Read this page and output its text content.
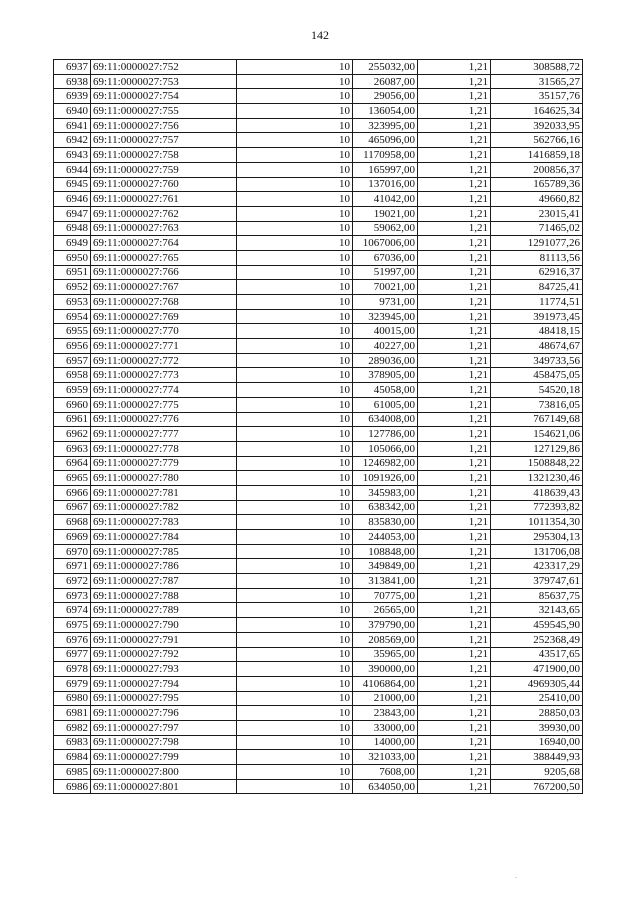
142
6937	69:11:0000027:752	10	255032,00	1,21	308588,72
6938	69:11:0000027:753	10	26087,00	1,21	31565,27
6939	69:11:0000027:754	10	29056,00	1,21	35157,76
6940	69:11:0000027:755	10	136054,00	1,21	164625,34
6941	69:11:0000027:756	10	323995,00	1,21	392033,95
6942	69:11:0000027:757	10	465096,00	1,21	562766,16
6943	69:11:0000027:758	10	1170958,00	1,21	1416859,18
6944	69:11:0000027:759	10	165997,00	1,21	200856,37
6945	69:11:0000027:760	10	137016,00	1,21	165789,36
6946	69:11:0000027:761	10	41042,00	1,21	49660,82
6947	69:11:0000027:762	10	19021,00	1,21	23015,41
6948	69:11:0000027:763	10	59062,00	1,21	71465,02
6949	69:11:0000027:764	10	1067006,00	1,21	1291077,26
6950	69:11:0000027:765	10	67036,00	1,21	81113,56
6951	69:11:0000027:766	10	51997,00	1,21	62916,37
6952	69:11:0000027:767	10	70021,00	1,21	84725,41
6953	69:11:0000027:768	10	9731,00	1,21	11774,51
6954	69:11:0000027:769	10	323945,00	1,21	391973,45
6955	69:11:0000027:770	10	40015,00	1,21	48418,15
6956	69:11:0000027:771	10	40227,00	1,21	48674,67
6957	69:11:0000027:772	10	289036,00	1,21	349733,56
6958	69:11:0000027:773	10	378905,00	1,21	458475,05
6959	69:11:0000027:774	10	45058,00	1,21	54520,18
6960	69:11:0000027:775	10	61005,00	1,21	73816,05
6961	69:11:0000027:776	10	634008,00	1,21	767149,68
6962	69:11:0000027:777	10	127786,00	1,21	154621,06
6963	69:11:0000027:778	10	105066,00	1,21	127129,86
6964	69:11:0000027:779	10	1246982,00	1,21	1508848,22
6965	69:11:0000027:780	10	1091926,00	1,21	1321230,46
6966	69:11:0000027:781	10	345983,00	1,21	418639,43
6967	69:11:0000027:782	10	638342,00	1,21	772393,82
6968	69:11:0000027:783	10	835830,00	1,21	1011354,30
6969	69:11:0000027:784	10	244053,00	1,21	295304,13
6970	69:11:0000027:785	10	108848,00	1,21	131706,08
6971	69:11:0000027:786	10	349849,00	1,21	423317,29
6972	69:11:0000027:787	10	313841,00	1,21	379747,61
6973	69:11:0000027:788	10	70775,00	1,21	85637,75
6974	69:11:0000027:789	10	26565,00	1,21	32143,65
6975	69:11:0000027:790	10	379790,00	1,21	459545,90
6976	69:11:0000027:791	10	208569,00	1,21	252368,49
6977	69:11:0000027:792	10	35965,00	1,21	43517,65
6978	69:11:0000027:793	10	390000,00	1,21	471900,00
6979	69:11:0000027:794	10	4106864,00	1,21	4969305,44
6980	69:11:0000027:795	10	21000,00	1,21	25410,00
6981	69:11:0000027:796	10	23843,00	1,21	28850,03
6982	69:11:0000027:797	10	33000,00	1,21	39930,00
6983	69:11:0000027:798	10	14000,00	1,21	16940,00
6984	69:11:0000027:799	10	321033,00	1,21	388449,93
6985	69:11:0000027:800	10	7608,00	1,21	9205,68
6986	69:11:0000027:801	10	634050,00	1,21	767200,50
.
